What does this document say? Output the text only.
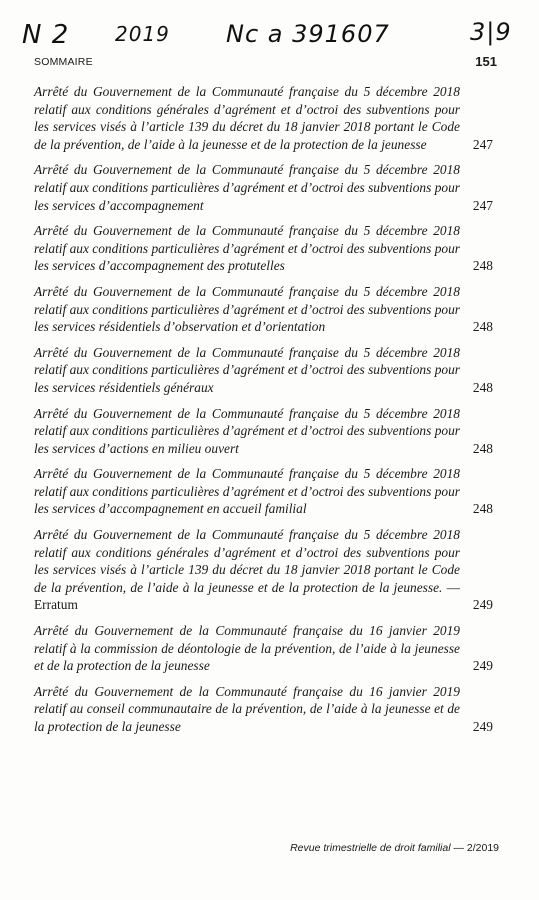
N 2 2019 Nc a 391607	3|9
SOMMAIRE	151
Arrêté du Gouvernement de la Communauté française du 5 décembre 2018 relatif aux conditions générales d’agrément et d’octroi des subventions pour les services visés à l’article 139 du décret du 18 janvier 2018 portant le Code de la prévention, de l’aide à la jeunesse et de la protection de la jeunesse	247
Arrêté du Gouvernement de la Communauté française du 5 décembre 2018 relatif aux conditions particulières d’agrément et d’octroi des subventions pour les services d’accompagnement	247
Arrêté du Gouvernement de la Communauté française du 5 décembre 2018 relatif aux conditions particulières d’agrément et d’octroi des subventions pour les services d’accompagnement des protutelles	248
Arrêté du Gouvernement de la Communauté française du 5 décembre 2018 relatif aux conditions particulières d’agrément et d’octroi des subventions pour les services résidentiels d’observation et d’orientation	248
Arrêté du Gouvernement de la Communauté française du 5 décembre 2018 relatif aux conditions particulières d’agrément et d’octroi des subventions pour les services résidentiels généraux	248
Arrêté du Gouvernement de la Communauté française du 5 décembre 2018 relatif aux conditions particulières d’agrément et d’octroi des subventions pour les services d’actions en milieu ouvert	248
Arrêté du Gouvernement de la Communauté française du 5 décembre 2018 relatif aux conditions particulières d’agrément et d’octroi des subventions pour les services d’accompagnement en accueil familial	248
Arrêté du Gouvernement de la Communauté française du 5 décembre 2018 relatif aux conditions générales d’agrément et d’octroi des subventions pour les services visés à l’article 139 du décret du 18 janvier 2018 portant le Code de la prévention, de l’aide à la jeunesse et de la protection de la jeunesse. — Erratum	249
Arrêté du Gouvernement de la Communauté française du 16 janvier 2019 relatif à la commission de déontologie de la prévention, de l’aide à la jeunesse et de la protection de la jeunesse	249
Arrêté du Gouvernement de la Communauté française du 16 janvier 2019 relatif au conseil communautaire de la prévention, de l’aide à la jeunesse et de la protection de la jeunesse	249
Revue trimestrielle de droit familial — 2/2019
